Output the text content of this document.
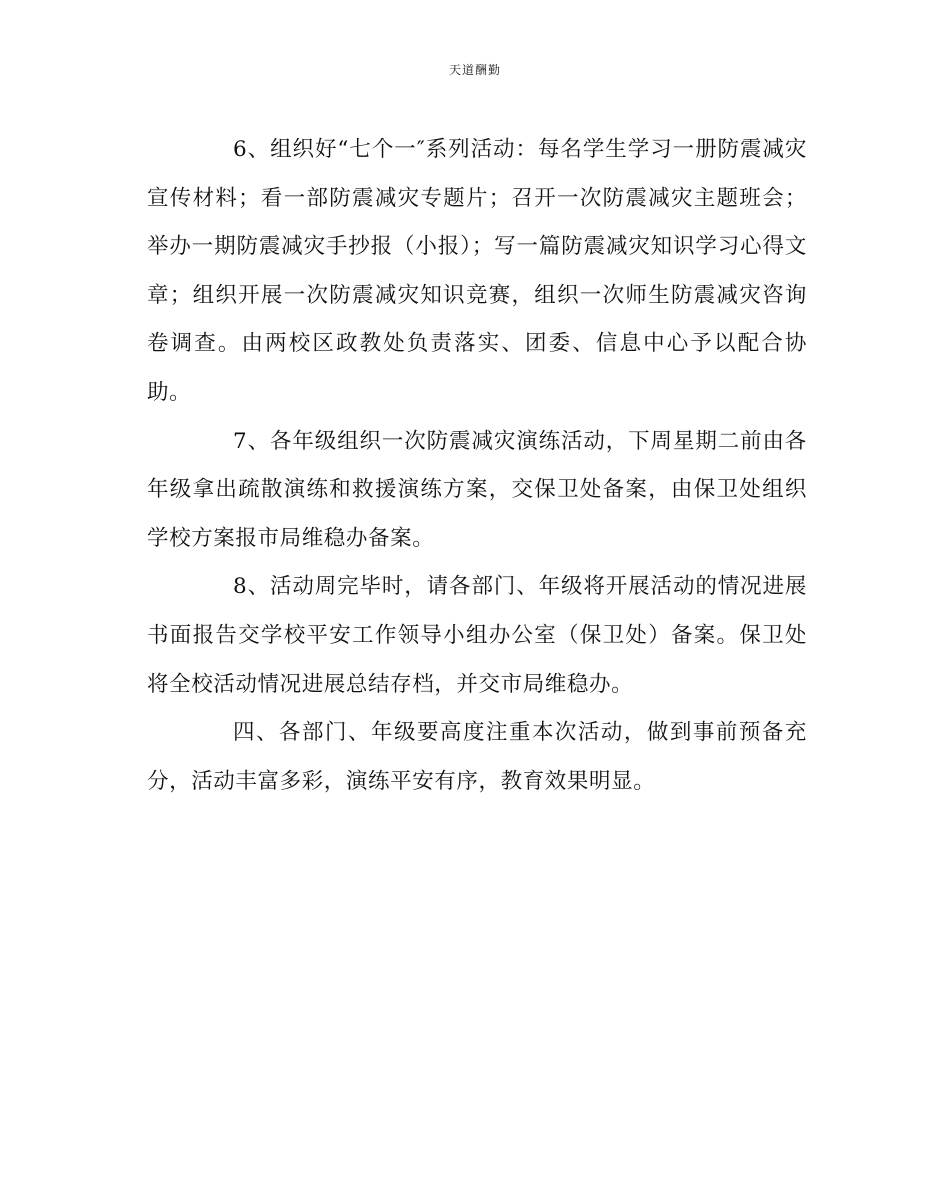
天道酬勤

6、组织好“七个一″系列活动：每名学生学习一册防震减灾宣传材料；看一部防震减灾专题片；召开一次防震减灾主题班会；举办一期防震减灾手抄报（小报）；写一篇防震减灾知识学习心得文章；组织开展一次防震减灾知识竞赛，组织一次师生防震减灾咨询卷调查。由两校区政教处负责落实、团委、信息中心予以配合协助。

7、各年级组织一次防震减灾演练活动，下周星期二前由各年级拿出疏散演练和救援演练方案，交保卫处备案，由保卫处组织学校方案报市局维稳办备案。

8、活动周完毕时，请各部门、年级将开展活动的情况进展书面报告交学校平安工作领导小组办公室（保卫处）备案。保卫处将全校活动情况进展总结存档，并交市局维稳办。

四、各部门、年级要高度注重本次活动，做到事前预备充分，活动丰富多彩，演练平安有序，教育效果明显。
